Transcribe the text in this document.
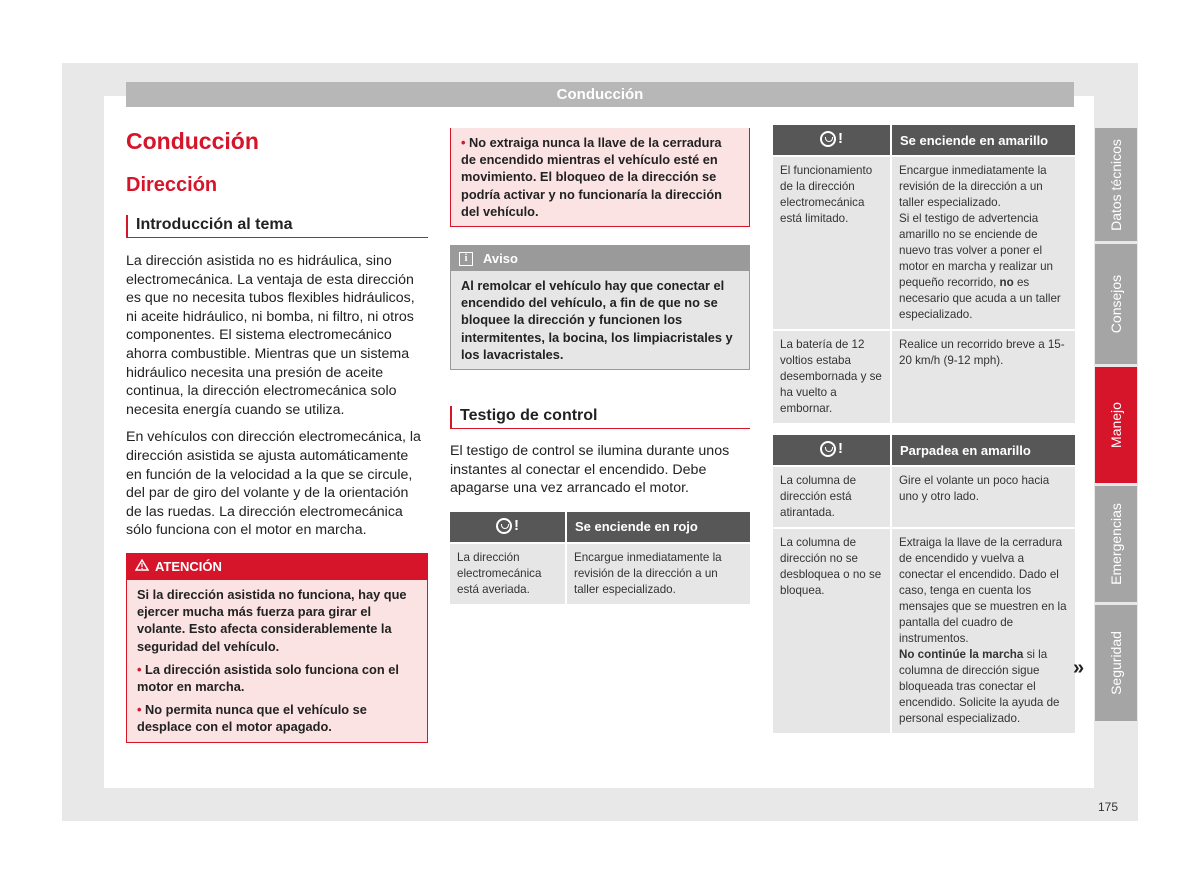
Conducción
Conducción
Dirección
Introducción al tema

La dirección asistida no es hidráulica, sino electromecánica. La ventaja de esta dirección es que no necesita tubos flexibles hidráulicos, ni aceite hidráulico, ni bomba, ni filtro, ni otros componentes. El sistema electromecánico ahorra combustible. Mientras que un sistema hidráulico necesita una presión de aceite continua, la dirección electromecánica solo necesita energía cuando se utiliza.

En vehículos con dirección electromecánica, la dirección asistida se ajusta automáticamente en función de la velocidad a la que se circule, del par de giro del volante y de la orientación de las ruedas. La dirección electromecánica sólo funciona con el motor en marcha.

ATENCIÓN
Si la dirección asistida no funciona, hay que ejercer mucha más fuerza para girar el volante. Esto afecta considerablemente la seguridad del vehículo.
• La dirección asistida solo funciona con el motor en marcha.
• No permita nunca que el vehículo se desplace con el motor apagado.
• No extraiga nunca la llave de la cerradura de encendido mientras el vehículo esté en movimiento. El bloqueo de la dirección se podría activar y no funcionaría la dirección del vehículo.
i	Aviso
Al remolcar el vehículo hay que conectar el encendido del vehículo, a fin de que no se bloquee la dirección y funcionen los intermitentes, la bocina, los limpiacristales y los lavacristales.
Testigo de control

El testigo de control se ilumina durante unos instantes al conectar el encendido. Debe apagarse una vez arrancado el motor.

!	Se enciende en rojo
La dirección electromecánica está averiada.	Encargue inmediatamente la revisión de la dirección a un taller especializado.
!	Se enciende en amarillo
El funcionamiento de la dirección electromecánica está limitado.	Encargue inmediatamente la revisión de la dirección a un taller especializado.
Si el testigo de advertencia amarillo no se enciende de nuevo tras volver a poner el motor en marcha y realizar un pequeño recorrido, no es necesario que acuda a un taller especializado.
La batería de 12 voltios estaba desembornada y se ha vuelto a embornar.	Realice un recorrido breve a 15-20 km/h (9-12 mph).
!	Parpadea en amarillo
La columna de dirección está atirantada.	Gire el volante un poco hacia uno y otro lado.
La columna de dirección no se desbloquea o no se bloquea.	Extraiga la llave de la cerradura de encendido y vuelva a conectar el encendido. Dado el caso, tenga en cuenta los mensajes que se muestren en la pantalla del cuadro de instrumentos.
No continúe la marcha si la columna de dirección sigue bloqueada tras conectar el encendido. Solicite la ayuda de personal especializado.
»
Datos técnicos
Consejos
Manejo
Emergencias
Seguridad
175
